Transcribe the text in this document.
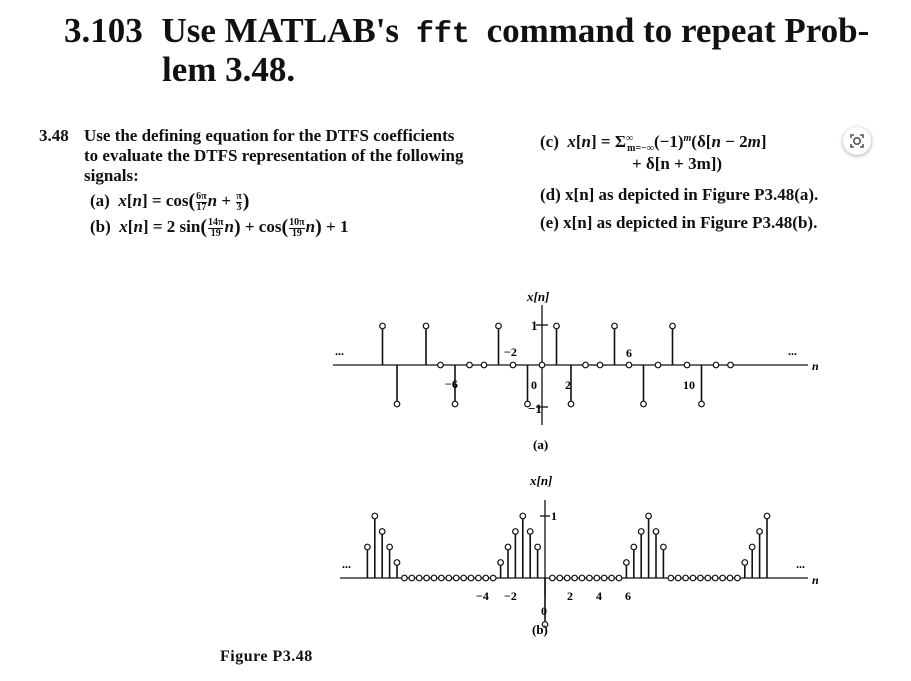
3.103 Use MATLAB's fft command to repeat Prob-
lem 3.48.
3.48 Use the defining equation for the DTFS coefficients
to evaluate the DTFS representation of the following
signals:
(a)  $x[n] = \cos( \frac{6\pi}{17}$ $n + \frac{\pi}{3}$ )
(b)  x[n] = 2 $\sin( \frac{14\pi}{19} n) + \cos( \frac{10\pi}{19} n) + 1$
(c)  $x[n] = \Sigma^\infty_{m=-\infty}(-1)^m(\delta[n - 2m]$
+ δ[n + 3m])
(d) x[n] as depicted in Figure P3.48(a).
(e) x[n] as depicted in Figure P3.48(b).
x[n]
1
−1
...	...
n
−6
−2
0 2
6
10
(a)
x[n]
1
...	...
n
−4 −2
0
2 4 6
(b)
Figure P3.48
